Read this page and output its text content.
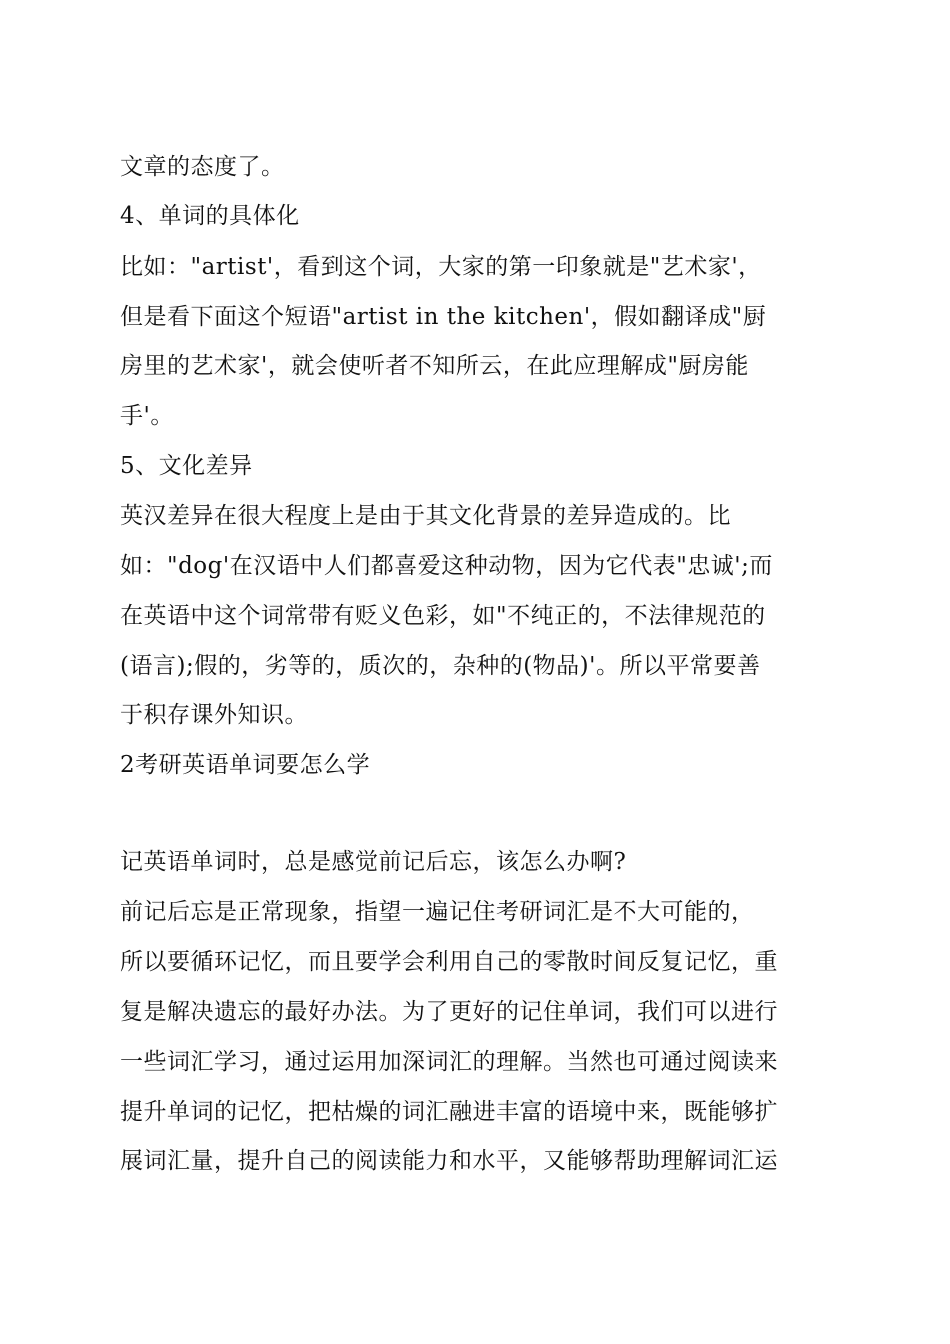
文章的态度了。
4、单词的具体化
比如："artist'，看到这个词，大家的第一印象就是"艺术家'，
但是看下面这个短语"artist in the kitchen'，假如翻译成"厨
房里的艺术家'，就会使听者不知所云，在此应理解成"厨房能
手'。
5、文化差异
英汉差异在很大程度上是由于其文化背景的差异造成的。比
如："dog'在汉语中人们都喜爱这种动物，因为它代表"忠诚';而
在英语中这个词常带有贬义色彩，如"不纯正的，不法律规范的
(语言);假的，劣等的，质次的，杂种的(物品)'。所以平常要善
于积存课外知识。
2考研英语单词要怎么学
记英语单词时，总是感觉前记后忘，该怎么办啊?
前记后忘是正常现象，指望一遍记住考研词汇是不大可能的，
所以要循环记忆，而且要学会利用自己的零散时间反复记忆，重
复是解决遗忘的最好办法。为了更好的记住单词，我们可以进行
一些词汇学习，通过运用加深词汇的理解。当然也可通过阅读来
提升单词的记忆，把枯燥的词汇融进丰富的语境中来，既能够扩
展词汇量，提升自己的阅读能力和水平，又能够帮助理解词汇运
